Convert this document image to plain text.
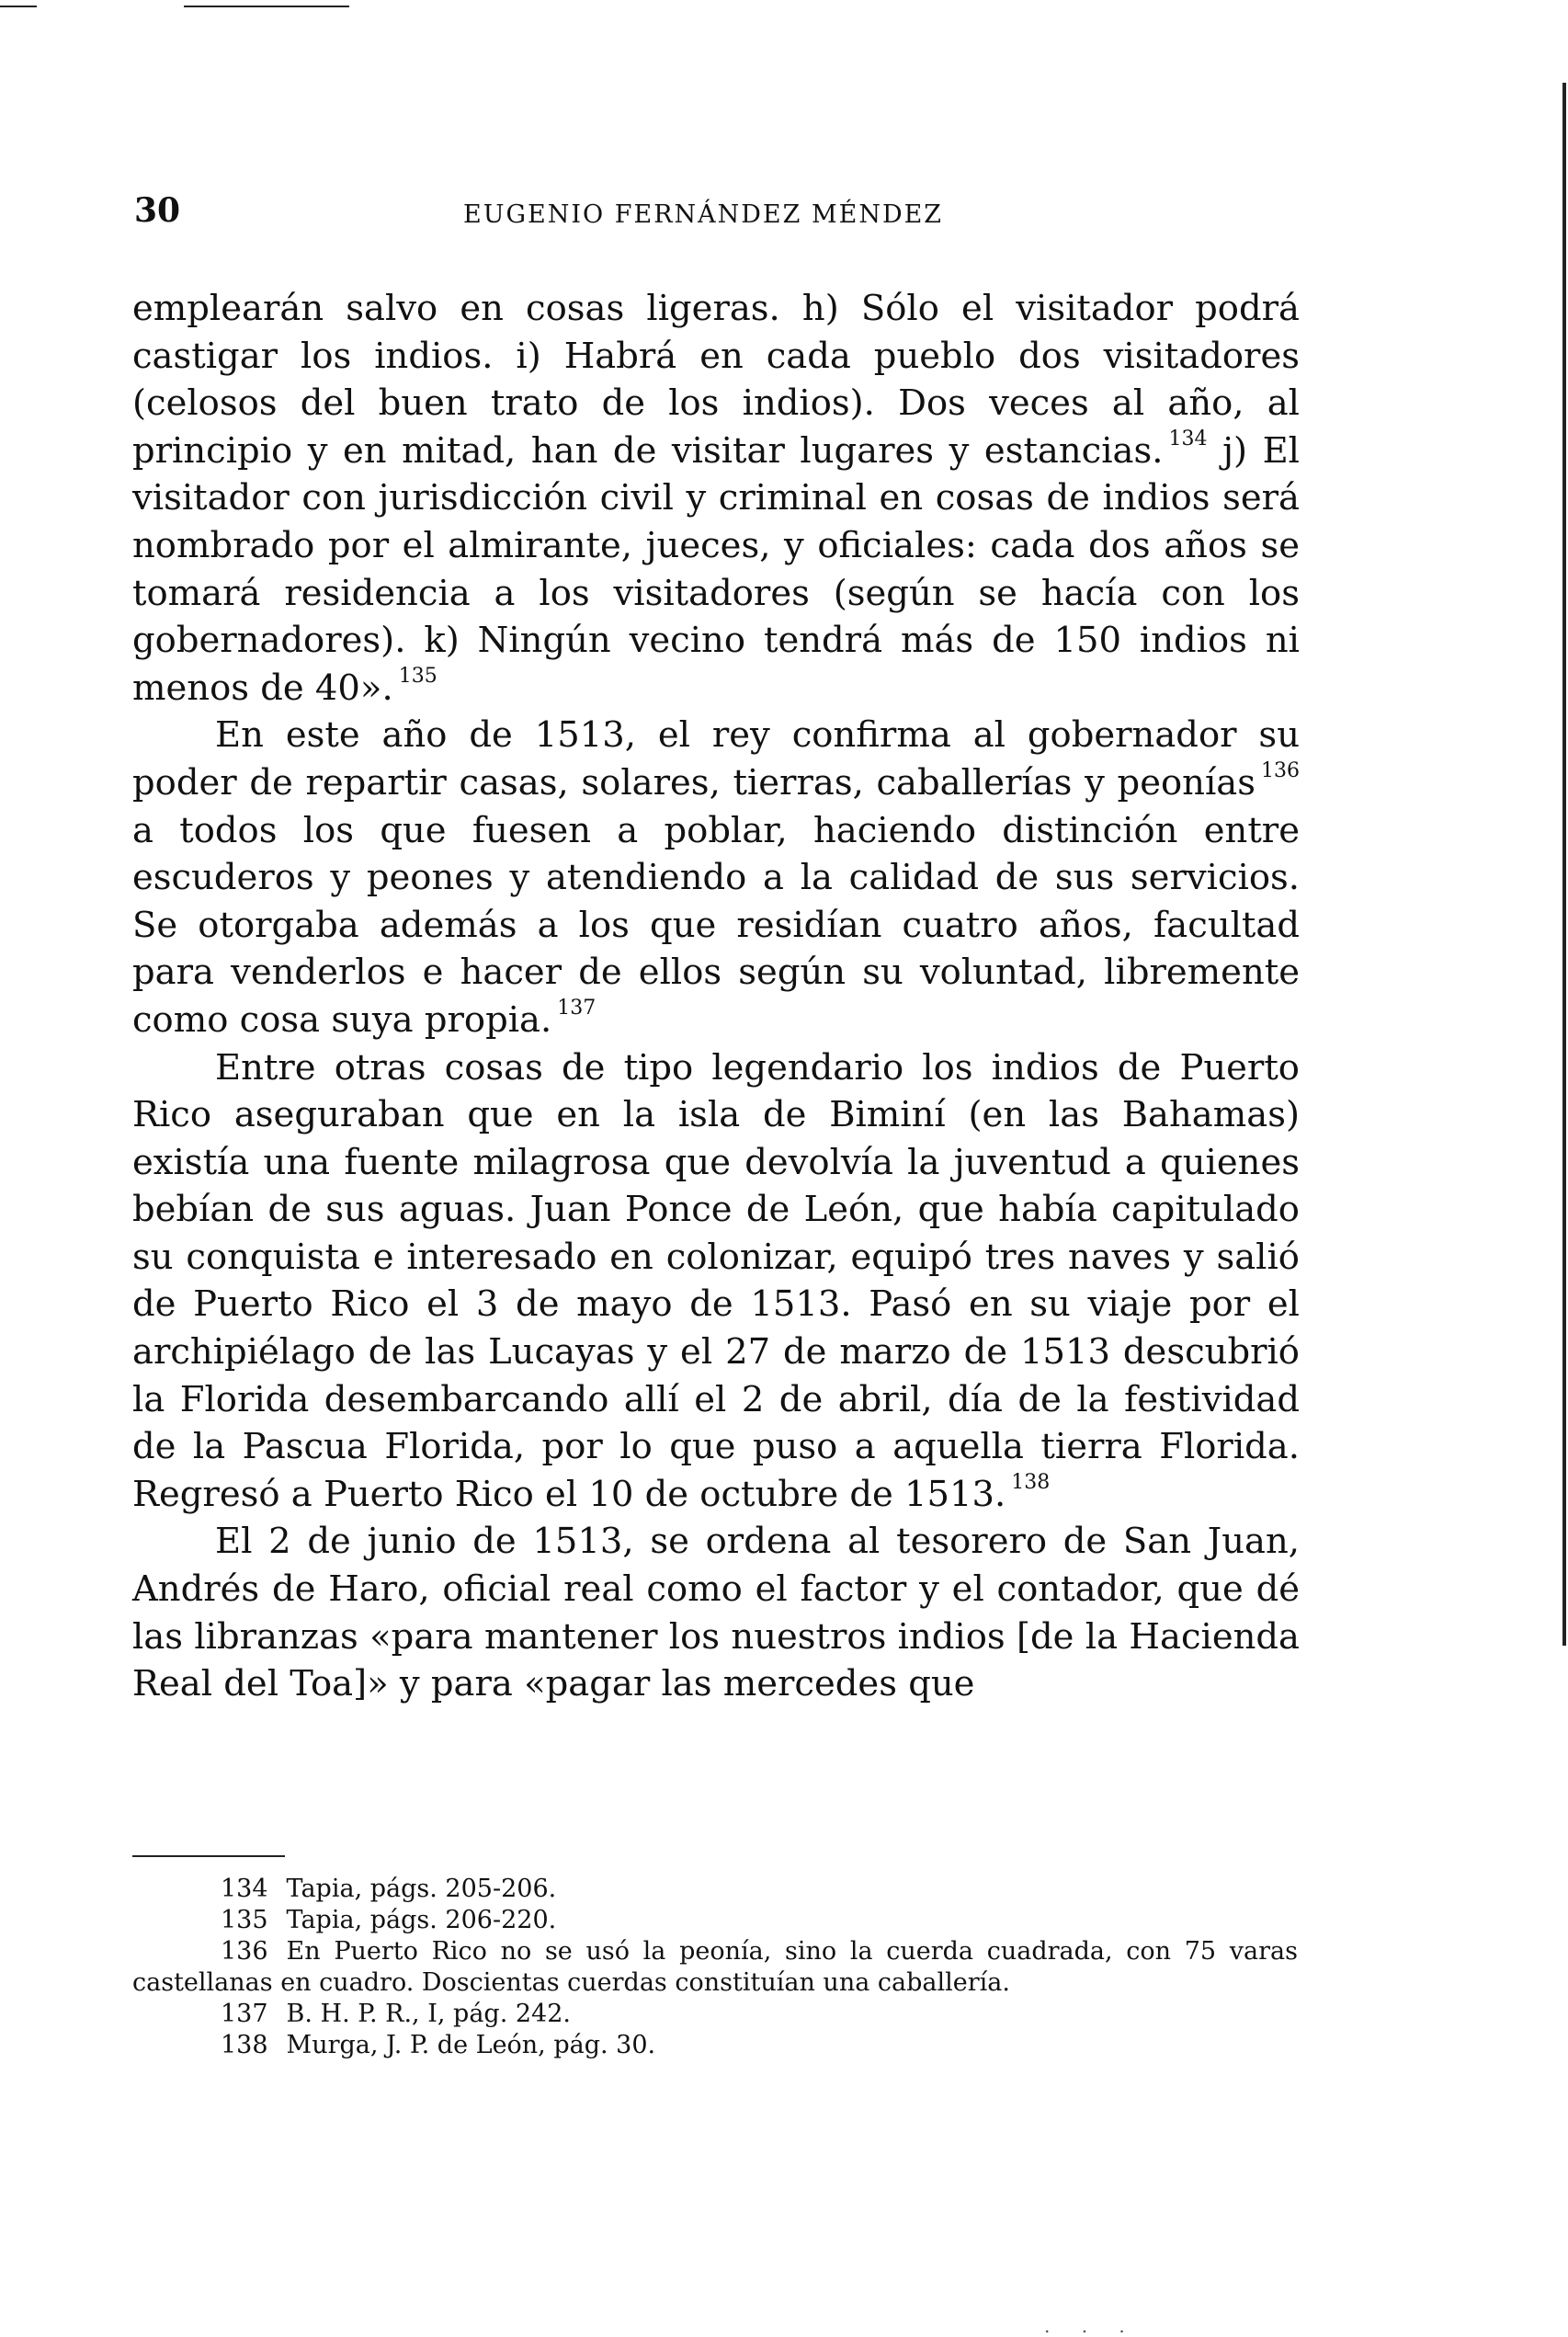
30	EUGENIO FERNÁNDEZ MÉNDEZ

emplearán salvo en cosas ligeras. h) Sólo el visitador podrá castigar los indios. i) Habrá en cada pueblo dos visitadores (celosos del buen trato de los indios). Dos veces al año, al principio y en mitad, han de visitar lugares y estancias. $^{134}$ j) El visitador con jurisdicción civil y criminal en cosas de indios será nombrado por el almirante, jueces, y oficiales: cada dos años se tomará residencia a los visitadores (según se hacía con los gobernadores). k) Ningún vecino tendrá más de 150 indios ni menos de 40». $^{135}$

En este año de 1513, el rey confirma al gobernador su poder de repartir casas, solares, tierras, caballerías y peonías $^{136}$ a todos los que fuesen a poblar, haciendo distinción entre escuderos y peones y atendiendo a la calidad de sus servicios. Se otorgaba además a los que residían cuatro años, facultad para venderlos e hacer de ellos según su voluntad, libremente como cosa suya propia. $^{137}$

Entre otras cosas de tipo legendario los indios de Puerto Rico aseguraban que en la isla de Biminí (en las Bahamas) existía una fuente milagrosa que devolvía la juventud a quienes bebían de sus aguas. Juan Ponce de León, que había capitulado su conquista e interesado en colonizar, equipó tres naves y salió de Puerto Rico el 3 de mayo de 1513. Pasó en su viaje por el archipiélago de las Lucayas y el 27 de marzo de 1513 descubrió la Florida desembarcando allí el 2 de abril, día de la festividad de la Pascua Florida, por lo que puso a aquella tierra Florida. Regresó a Puerto Rico el 10 de octubre de 1513. $^{138}$

El 2 de junio de 1513, se ordena al tesorero de San Juan, Andrés de Haro, oficial real como el factor y el contador, que dé las libranzas «para mantener los nuestros indios [de la Hacienda Real del Toa]» y para «pagar las mercedes que

134 Tapia, págs. 205-206.
135 Tapia, págs. 206-220.
136 En Puerto Rico no se usó la peonía, sino la cuerda cuadrada, con 75 varas castellanas en cuadro. Doscientas cuerdas constituían una caballería.
137 B. H. P. R., I, pág. 242.
138 Murga, J. P. de León, pág. 30.
. . .
